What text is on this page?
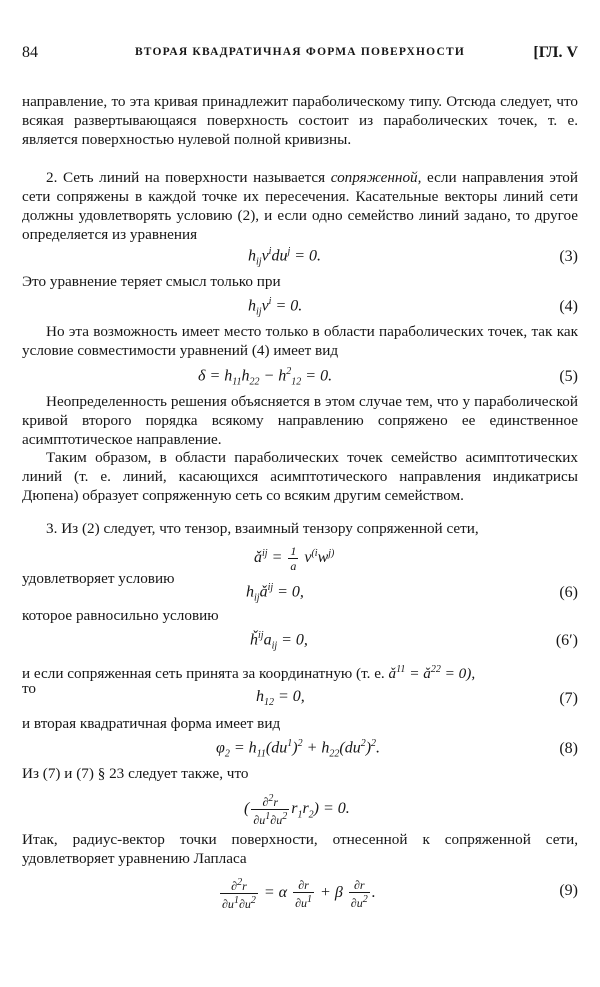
84	ВТОРАЯ КВАДРАТИЧНАЯ ФОРМА ПОВЕРХНОСТИ	[ГЛ. V

направление, то эта кривая принадлежит параболическому типу. Отсюда следует, что всякая развертывающаяся поверхность состоит из параболических точек, т. е. является поверхностью нулевой полной кривизны.

2. Сеть линий на поверхности называется сопряженной, если направления этой сети сопряжены в каждой точке их пересечения. Касательные векторы линий сети должны удовлетворять условию (2), и если одно семейство линий задано, то другое определяется из уравнения

$h_{ij}v^idu^j = 0$.	(3)

Это уравнение теряет смысл только при

$h_{ij}v^i = 0$.	(4)

Но эта возможность имеет место только в области параболических точек, так как условие совместимости уравнений (4) имеет вид

$\delta = h_{11}h_{22} - h^2_{12} = 0$.	(5)

Неопределенность решения объясняется в этом случае тем, что у параболической кривой второго порядка всякому направлению сопряжено ее единственное асимптотическое направление.

Таким образом, в области параболических точек семейство асимптотических линий (т. е. линий, касающихся асимптотического направления индикатрисы Дюпена) образует сопряженную сеть со всяким другим семейством.

3. Из (2) следует, что тензор, взаимный тензору сопряженной сети,

$ǎ^{ij} = \frac{1}{a} v^{(i}w^{j)}$
удовлетворяет условию
$h_{ij}ǎ^{ij} = 0$,	(6)

которое равносильно условию

$ȟ^{ij}a_{ij} = 0$,	(6′)

и если сопряженная сеть принята за координатную (т. е. $ǎ^{11}$ = $ǎ^{22} = 0$),

то	$h_{12} = 0$,	(7)

и вторая квадратичная форма имеет вид

$\varphi_2 = h_{11}(du^1)^2 + h_{22}(du^2)^2$.	(8)

Из (7) и (7) § 23 следует также, что

( $\frac{\partial^2r}{\partial u^1\partial u^2} r_1r_2) = 0$.

Итак, радиус-вектор точки поверхности, отнесенной к сопряженной сети, удовлетворяет уравнению Лапласа

$\frac{\partial^2r}{\partial u^1\partial u^2} = \alpha \frac{\partial r}{\partial u^1} + \beta \frac{\partial r}{\partial u^2}$ .	(9)
